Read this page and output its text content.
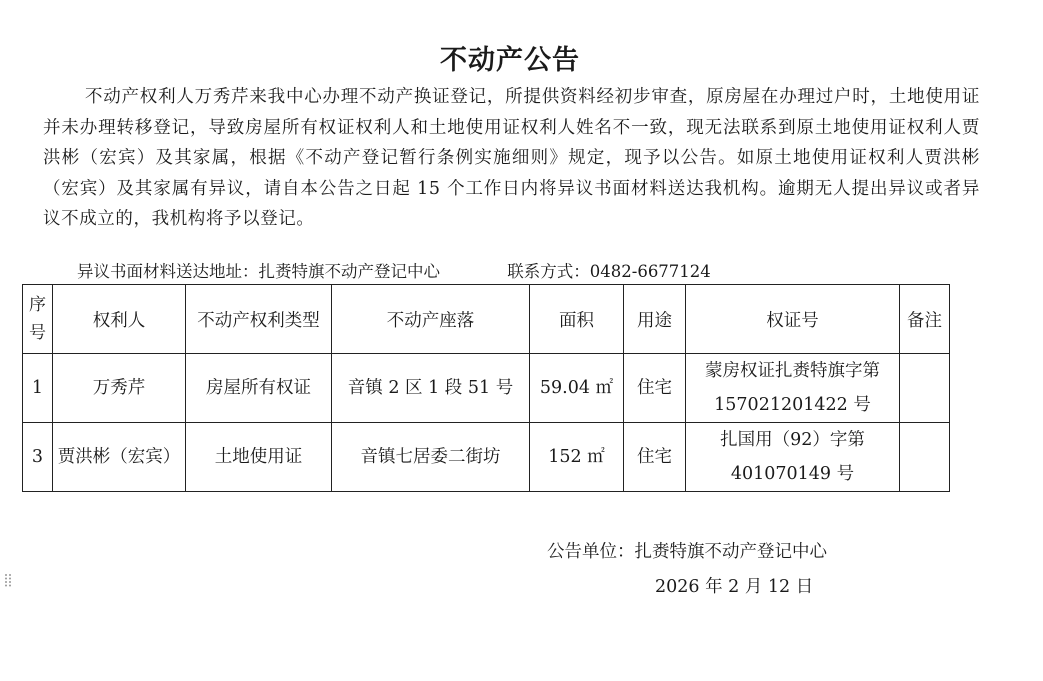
不动产公告

不动产权利人万秀芹来我中心办理不动产换证登记，所提供资料经初步审查，原房屋在办理过户时，土地使用证并未办理转移登记，导致房屋所有权证权利人和土地使用证权利人姓名不一致，现无法联系到原土地使用证权利人贾洪彬（宏宾）及其家属，根据《不动产登记暂行条例实施细则》规定，现予以公告。如原土地使用证权利人贾洪彬（宏宾）及其家属有异议，请自本公告之日起 15 个工作日内将异议书面材料送达我机构。逾期无人提出异议或者异议不成立的，我机构将予以登记。

异议书面材料送达地址：扎赉特旗不动产登记中心	联系方式：0482-6677124
序
号	权利人	不动产权利类型	不动产座落	面积	用途	权证号	备注
1	万秀芹	房屋所有权证	音镇 2 区 1 段 51 号	59.04 ㎡	住宅	蒙房权证扎赉特旗字第
157021201422 号	

3	贾洪彬（宏宾）	土地使用证	音镇七居委二街坊	152 ㎡	住宅	扎国用（92）字第
401070149 号	

公告单位：扎赉特旗不动产登记中心
2026 年 2 月 12 日
